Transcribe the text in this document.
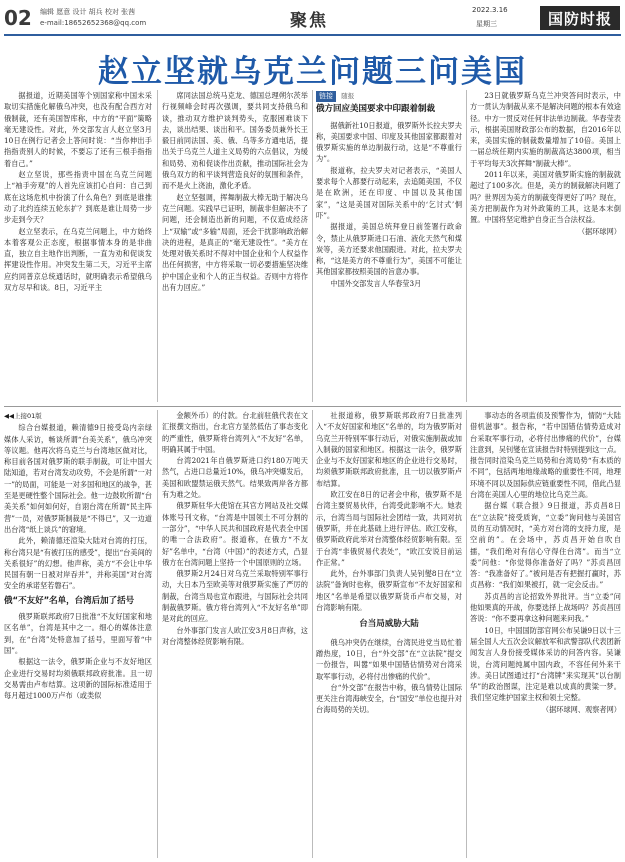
02 编辑 愿意 设计 胡兵 校对 张茜
e-mail:18652652368@qq.com	聚焦
2022.3.16
星期三	国防时报
赵立坚就乌克兰问题三问美国

据报道，近期美国等个别国家称中国未采取切实措施化解俄乌冲突，也没有配合西方对俄制裁，还有美国智库称，中方的“平面”策略毫无建设性。对此，外交部发言人赵立坚3月10日在例行记者会上答问时说：“当你伸出手指指责别人的时候，不要忘了还有三根手指指着自己。”

赵立坚说，那些指责中国在乌克兰问题上“袖手旁观”的人首先应该扪心自问：自己到底在这场危机中扮演了什么角色？到底是谁推动了北约连续五轮东扩？到底是谁让局势一步步走到今天？

赵立坚表示，在乌克兰问题上，中方始终本着客观公正态度，根据事情本身的是非曲直，独立自主地作出判断，一直为劝和促谈发挥建设性作用。冲突发生第二天，习近平主席应约同普京总统通话时，就明确表示希望俄乌双方尽早和谈。8日，习近平主

席同法国总统马克龙、德国总理朔尔茨举行视频峰会时再次强调，要共同支持俄乌和谈，推动双方维护谈判势头，克服困难谈下去，谈出结果、谈出和平。国务委员兼外长王毅日前同法国、美、俄、乌等多方通电话，提出关于乌克兰人道主义局势的六点倡议，为缓和局势、劝和促谈作出贡献，推动国际社会为俄乌双方的和平谈判营造良好的氛围和条件，而不是火上浇油，激化矛盾。

赵立坚强调，挥舞制裁大棒无助于解决乌克兰问题。实践早已证明，制裁非但解决不了问题，还会制造出新的问题，不仅造成经济上“双输”或“多输”局面，还会干扰影响政治解决的进程，是真正的“毫无建设性”。“美方在处理对俄关系时不得对中国企业和个人权益作出任何损害，中方将采取一切必要措施坚决维护中国企业和个人的正当权益。否则中方将作出有力回应。”

链接 随报
俄方回应美国要求中印跟着制裁

据俄新社10日报道，俄罗斯外长拉夫罗夫称，美国要求中国、印度及其他国家都跟着对俄罗斯实施的单边制裁行动，这是“不尊重行为”。

报道称，拉夫罗夫对记者表示，“美国人要求每个人都要行动起来，去追随美国，不仅是在欧洲，还在印度、中国以及其他国家”，“这是美国对国际关系中的‘乞讨式’恫吓”。

据报道，美国总统拜登日前签署行政命令，禁止从俄罗斯进口石油、液化天然气和煤炭等，美方还要求他国跟进。对此，拉夫罗夫称，“这是美方的不尊重行为”，美国不可能让其他国家都按照美国的旨意办事。

中国外交部发言人华春莹3月

23日就俄罗斯乌克兰冲突答问时表示，中方一贯认为制裁从来不是解决问题的根本有效途径。中方一贯反对任何非法单边制裁。华春莹表示，根据美国财政部公布的数据，自2016年以来，美国实施的制裁数量增加了10倍。美国上一届总统任期内实施的制裁高达3800项，相当于平均每天3次挥舞“制裁大棒”。

2011年以来，美国对俄罗斯实施的制裁就超过了100多次。但是，美方的制裁解决问题了吗？世界因为美方的制裁变得更好了吗？现在，美方把制裁作为对外政策的工具，这是本末倒置。中国将坚定维护自身正当合法权益。

（据环球网）

◀◀上接01版

综合台媒报道，赖清德9日接受岛内亲绿媒体人采访，畅谈所谓“台美关系”，俄乌冲突等议题。他再次将乌克兰与台湾地区做对比，称目前各国对俄罗斯的联手制裁，可让中国大陆知道，若对台湾发动攻势，不会是所谓“一对一”的局面，可能是一对多国和地区的战争，甚至是更硬性整个国际社会。他一边鼓吹所谓“台美关系”如何如何好，自诩台湾在所谓“民主阵营”一员，对俄罗斯制裁是“不得已”，又一边道出台湾“纸上谈兵”的窘境。

此外，赖清德还渲染大陆对台湾的打压，称台湾只是“有被打压的感受”，提出“台美间的关系很好”的幻想。他声称，美方“不会让中华民国有朝一日被对岸吞并”，并称美国“对台湾安全的承诺坚若磐石”。

俄“不友好”名单，台湾后加了括号

俄罗斯联邦政府7日批准“不友好国家和地区名单”，台湾是其中之一。细心的媒体注意到，在“台湾”处特意加了括号，里面写着“中国”。

根据这一法令，俄罗斯企业与不友好地区企业进行交易时均须俄联邦政府批准。且一切交易需由卢布结算。这项新的国际标准适用于每月超过1000万卢布（或类似

金额外币）的付款。台北前驻俄代表在文汇报撰文指出，台北官方显然低估了事态变化的严重性，俄罗斯将台湾列入“不友好”名单，明确其属于中国。

台湾2021年自俄罗斯进口约180万吨天然气，占进口总量近10%，俄乌冲突爆发后，美国和欧盟禁运俄天然气。结果致两岸各方都有为难之处。

俄罗斯驻华大使馆在其官方网站及社交媒体账号刊文称，“台湾是中国领土不可分割的一部分”，“中华人民共和国政府是代表全中国的唯一合法政府”。报道称，在俄方“不友好”名单中，“台湾（中国）”的表述方式，凸显俄方在台湾问题上坚持一个中国原则的立场。

俄罗斯2月24日对乌克兰采取特别军事行动，大日本乃至欧美等对俄罗斯实施了严厉的制裁，台湾当局也宣布跟进，与国际社会共同制裁俄罗斯。俄方将台湾列入“不友好名单”即是对此的回应。

台外事部门发言人欧江安3月8日声称，这对台湾整体经贸影响有限。

社报道称，俄罗斯联邦政府7日批准列入“不友好国家和地区”名单的，均为俄罗斯对乌克兰开特别军事行动后，对俄实施制裁或加入制裁的国家和地区。根据这一法令，俄罗斯企业与不友好国家和地区的企业进行交易时，均须俄罗斯联邦政府批准，且一切以俄罗斯卢布结算。

欧江安在8日的记者会中称，俄罗斯不是台湾主要贸易伙伴，台湾受此影响不大。她表示，台湾当局与国际社会团结一致，共同对抗俄罗斯，并在此基础上进行评估。欧江安称，俄罗斯政府此举对台湾整体经贸影响有限。至于台湾“非俄贸易代表处”，“欧江安说目前运作正常。”

此外，台外事部门负责人吴钊燮8日在“立法院”备询时也称，俄罗斯宣布“不友好国家和地区”名单是希望以俄罗斯货币卢布交易，对台湾影响有限。

台当局威胁大陆

俄乌冲突仍在继续，台湾民进党当局忙着蹭热度，10日，台“外交部”在“立法院”提交一份报告，叫嚣“如果中国错估情势对台湾采取军事行动，必将付出惨痛的代价”。

台“外交部”在报告中称，俄乌情势让国际更关注台湾海峡安全，台“国安”单位也提升对台海局势的关切。

事动态的各项监侦及预警作为，情防“大陆借机滋事”。报告称，“若中国错估情势造成对台采取军事行动，必将付出惨痛的代价”，台媒注意到，吴钊燮在宣读报告时特别提到这一点。报告同时渲染乌克兰局势和台湾局势“有本质的不同”，包括两地地缘战略的重要性不同，地理环境不同以及国际供应链重要性不同，借此凸显台湾在美国人心里的地位比乌克兰高。

据台媒《联合报》9日报道，苏贞昌8日在“立法院”接受质询，“立委”询问他与美国官员的互动情况时，“美方对台湾的支持力度，是空前的”。在会场中，苏贞昌开始自吹自擂，“我们绝对有信心守得住台湾”。而当“立委”问他：“你觉得你准备好了吗？”苏贞昌回答：“我准备好了。”被问是否有把握打赢时，苏贞昌称：“我们如果被打，就一定会反击。”

苏贞昌的言论招致外界批评。当“立委”问他如果真的开战，你要选择上战场吗？苏贞昌回答说：“你不要再拿这种问题来问我。”

10日，中国国防部官网公布吴谦9日以十三届全国人大五次会议解放军和武警部队代表团新闻发言人身份接受媒体采访的问答内容。吴谦说，台湾问题纯属中国内政，不容任何外来干涉。美日试图通过打“台湾牌”来实现其“以台制华”的政治图谋，注定是难以成真的黄粱一梦。我们坚定维护国家主权和领土完整。

（据环球网、观察者网）
